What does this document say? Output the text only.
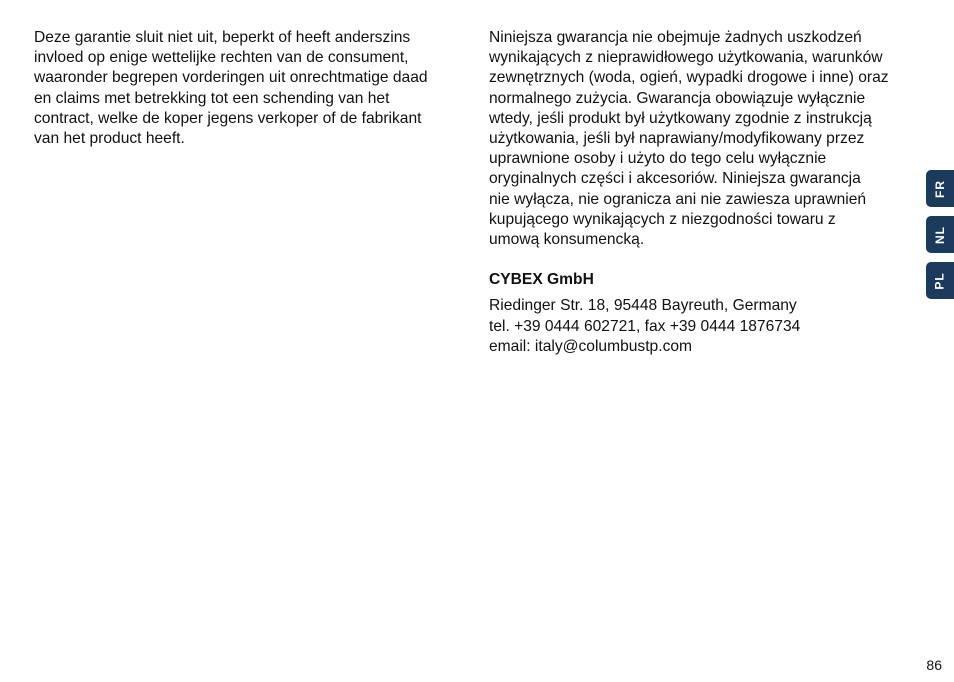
Deze garantie sluit niet uit, beperkt of heeft anderszins
invloed op enige wettelijke rechten van de consument,
waaronder begrepen vorderingen uit onrechtmatige daad
en claims met betrekking tot een schending van het
contract, welke de koper jegens verkoper of de fabrikant
van het product heeft.

Niniejsza gwarancja nie obejmuje żadnych uszkodzeń
wynikających z nieprawidłowego użytkowania, warunków
zewnętrznych (woda, ogień, wypadki drogowe i inne) oraz
normalnego zużycia. Gwarancja obowiązuje wyłącznie
wtedy, jeśli produkt był użytkowany zgodnie z instrukcją
użytkowania, jeśli był naprawiany/modyfikowany przez
uprawnione osoby i użyto do tego celu wyłącznie
oryginalnych części i akcesoriów. Niniejsza gwarancja
nie wyłącza, nie ogranicza ani nie zawiesza uprawnień
kupującego wynikających z niezgodności towaru z
umową konsumencką.

CYBEX GmbH

Riedinger Str. 18, 95448 Bayreuth, Germany
tel. +39 0444 602721, fax +39 0444 1876734
email: italy@columbustp.com

FR
NL
PL
86
